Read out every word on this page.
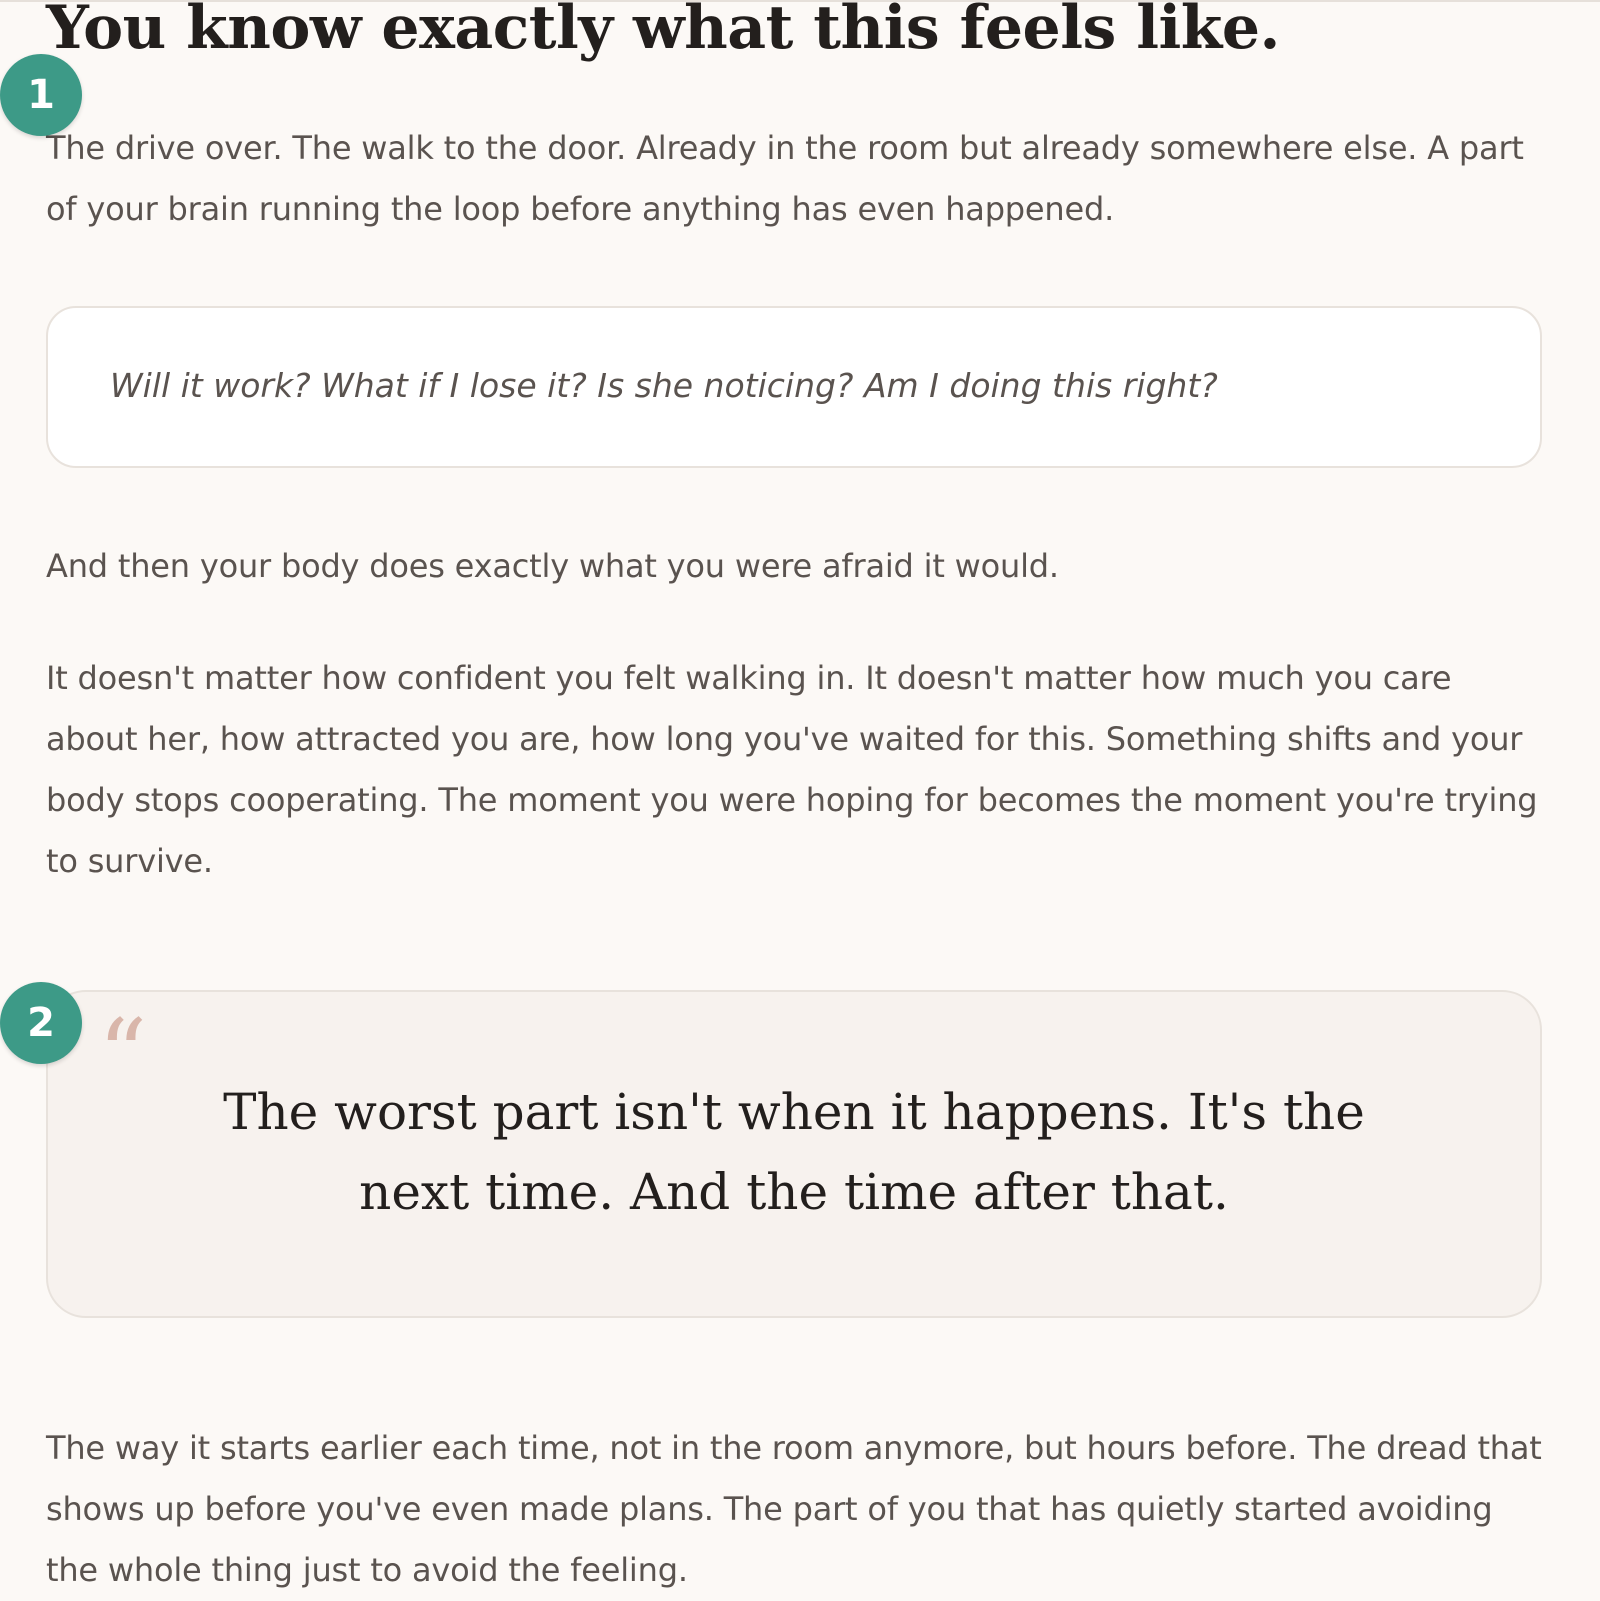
You know exactly what this feels like.
1

The drive over. The walk to the door. Already in the room but already somewhere else. A part of your brain running the loop before anything has even happened.

Will it work? What if I lose it? Is she noticing? Am I doing this right?

And then your body does exactly what you were afraid it would.

It doesn't matter how confident you felt walking in. It doesn't matter how much you care about her, how attracted you are, how long you've waited for this. Something shifts and your body stops cooperating. The moment you were hoping for becomes the moment you're trying to survive.

2 “

The worst part isn't when it happens. It's the next time. And the time after that.

The way it starts earlier each time, not in the room anymore, but hours before. The dread that shows up before you've even made plans. The part of you that has quietly started avoiding the whole thing just to avoid the feeling.
